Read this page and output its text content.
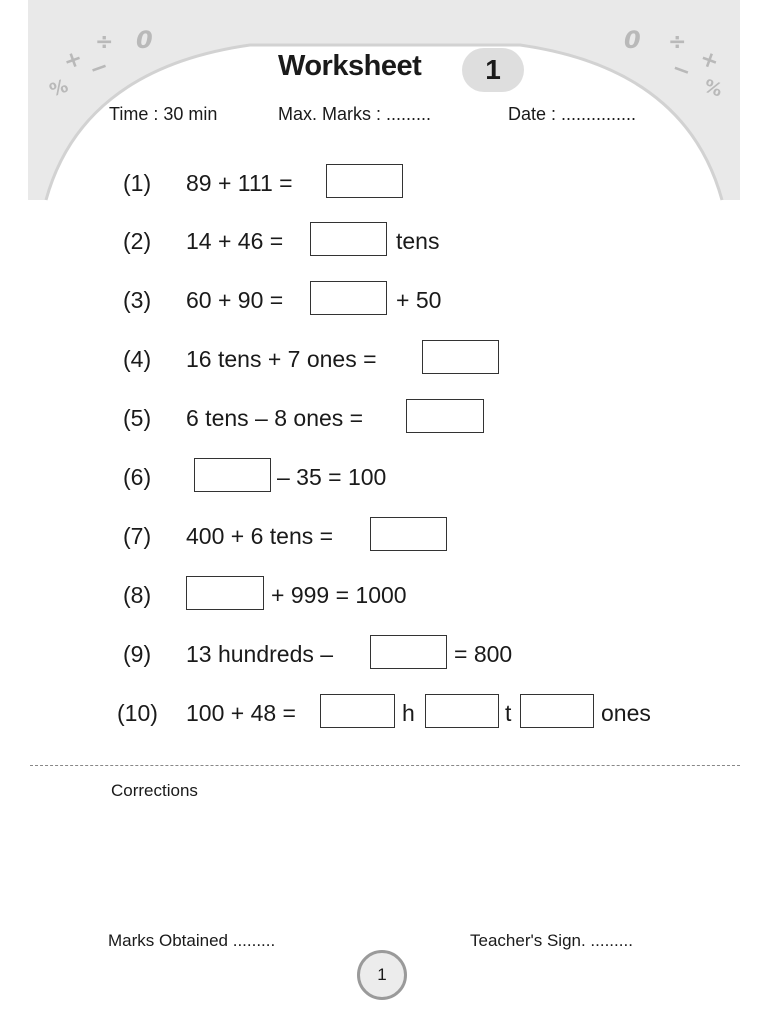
+
÷ 0
−
%
0 ÷
+
−
%
Worksheet	1
Time : 30 min	Max. Marks : .........	Date : ...............
(1) 89 + 111 =
(2) 14 + 46 =	tens
(3) 60 + 90 =	+ 50
(4) 16 tens + 7 ones =
(5) 6 tens – 8 ones =
(6)	– 35 = 100
(7) 400 + 6 tens =
(8)	+ 999 = 1000
(9) 13 hundreds –	= 800
(10) 100 + 48 =	h	t	ones
Corrections
Marks Obtained .........	Teacher's Sign. .........
1
